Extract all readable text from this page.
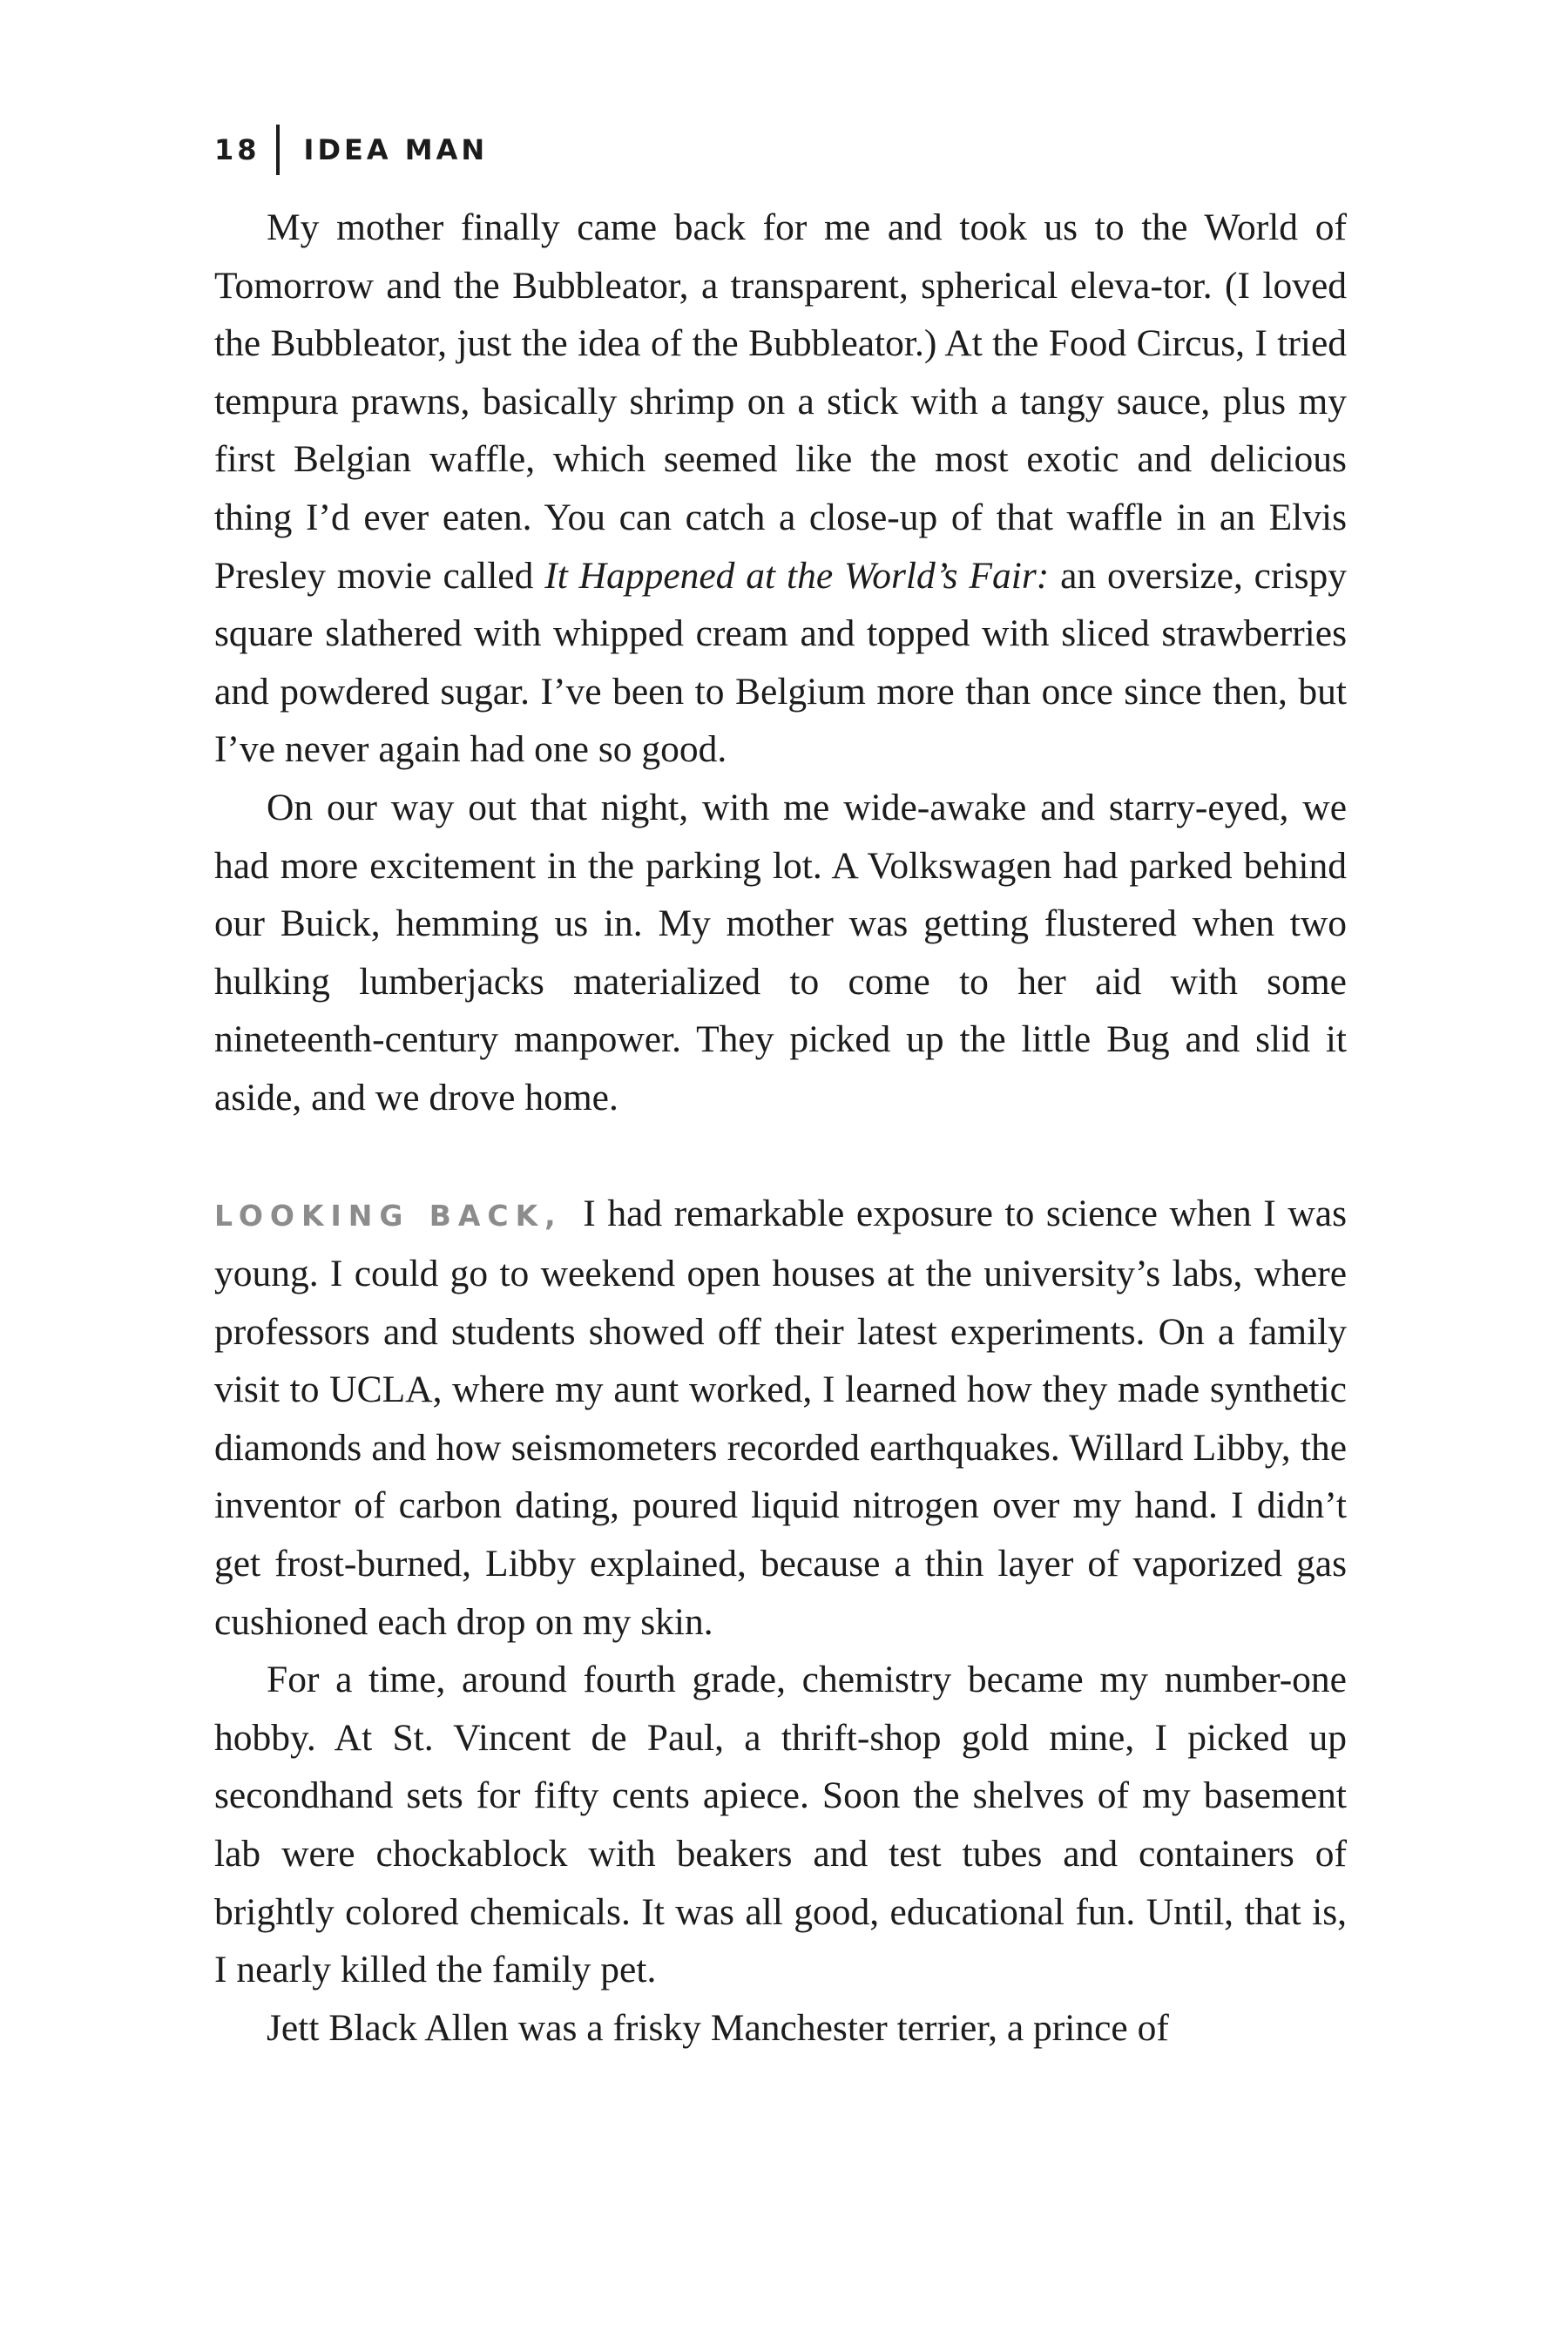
18 IDEA MAN

My mother finally came back for me and took us to the World of Tomorrow and the Bubbleator, a transparent, spherical eleva-tor. (I loved the Bubbleator, just the idea of the Bubbleator.) At the Food Circus, I tried tempura prawns, basically shrimp on a stick with a tangy sauce, plus my first Belgian waffle, which seemed like the most exotic and delicious thing I’d ever eaten. You can catch a close-up of that waffle in an Elvis Presley movie called It Happened at the World’s Fair: an oversize, crispy square slathered with whipped cream and topped with sliced strawberries and powdered sugar. I’ve been to Belgium more than once since then, but I’ve never again had one so good.

On our way out that night, with me wide-awake and starry-eyed, we had more excitement in the parking lot. A Volkswagen had parked behind our Buick, hemming us in. My mother was getting flustered when two hulking lumberjacks materialized to come to her aid with some nineteenth-century manpower. They picked up the little Bug and slid it aside, and we drove home.

LOOKING BACK, I had remarkable exposure to science when I was young. I could go to weekend open houses at the university’s labs, where professors and students showed off their latest experiments. On a family visit to UCLA, where my aunt worked, I learned how they made synthetic diamonds and how seismometers recorded earthquakes. Willard Libby, the inventor of carbon dating, poured liquid nitrogen over my hand. I didn’t get frost-burned, Libby explained, because a thin layer of vaporized gas cushioned each drop on my skin.

For a time, around fourth grade, chemistry became my number-one hobby. At St. Vincent de Paul, a thrift-shop gold mine, I picked up secondhand sets for fifty cents apiece. Soon the shelves of my basement lab were chockablock with beakers and test tubes and containers of brightly colored chemicals. It was all good, educational fun. Until, that is, I nearly killed the family pet.

Jett Black Allen was a frisky Manchester terrier, a prince of
